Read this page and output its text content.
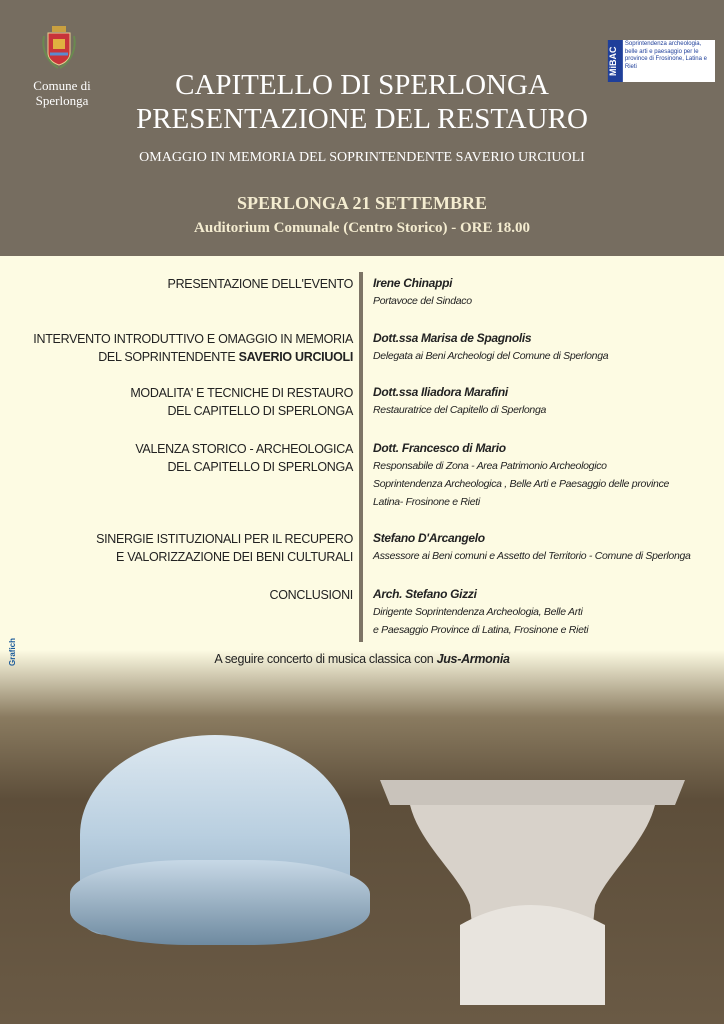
Comune di Sperlonga
MiBAC
Soprintendenza archeologia, belle arti e paesaggio per le province di Frosinone, Latina e Rieti
CAPITELLO DI SPERLONGA
PRESENTAZIONE DEL RESTAURO
OMAGGIO IN MEMORIA DEL SOPRINTENDENTE SAVERIO URCIUOLI
SPERLONGA 21 SETTEMBRE
Auditorium Comunale (Centro Storico) - ORE 18.00
PRESENTAZIONE DELL'EVENTO Irene Chinappi
Portavoce del Sindaco
INTERVENTO INTRODUTTIVO E OMAGGIO IN MEMORIA
DEL SOPRINTENDENTE SAVERIO URCIUOLI
Dott.ssa Marisa de Spagnolis
Delegata ai Beni Archeologi del Comune di Sperlonga
MODALITA' E TECNICHE DI RESTAURO
DEL CAPITELLO DI SPERLONGA
Dott.ssa Iliadora Marafini
Restauratrice del Capitello di Sperlonga
VALENZA STORICO - ARCHEOLOGICA
DEL CAPITELLO DI SPERLONGA
Dott. Francesco di Mario
Responsabile di Zona - Area Patrimonio Archeologico
Soprintendenza Archeologica , Belle Arti e Paesaggio delle province
Latina- Frosinone e Rieti
SINERGIE ISTITUZIONALI PER IL RECUPERO
E VALORIZZAZIONE DEI BENI CULTURALI
Stefano D'Arcangelo
Assessore ai Beni comuni e Assetto del Territorio - Comune di Sperlonga
CONCLUSIONI Arch. Stefano Gizzi
Dirigente Soprintendenza Archeologia, Belle Arti
e Paesaggio Province di Latina, Frosinone e Rieti
A seguire concerto di musica classica con Jus-Armonia
Grafich
